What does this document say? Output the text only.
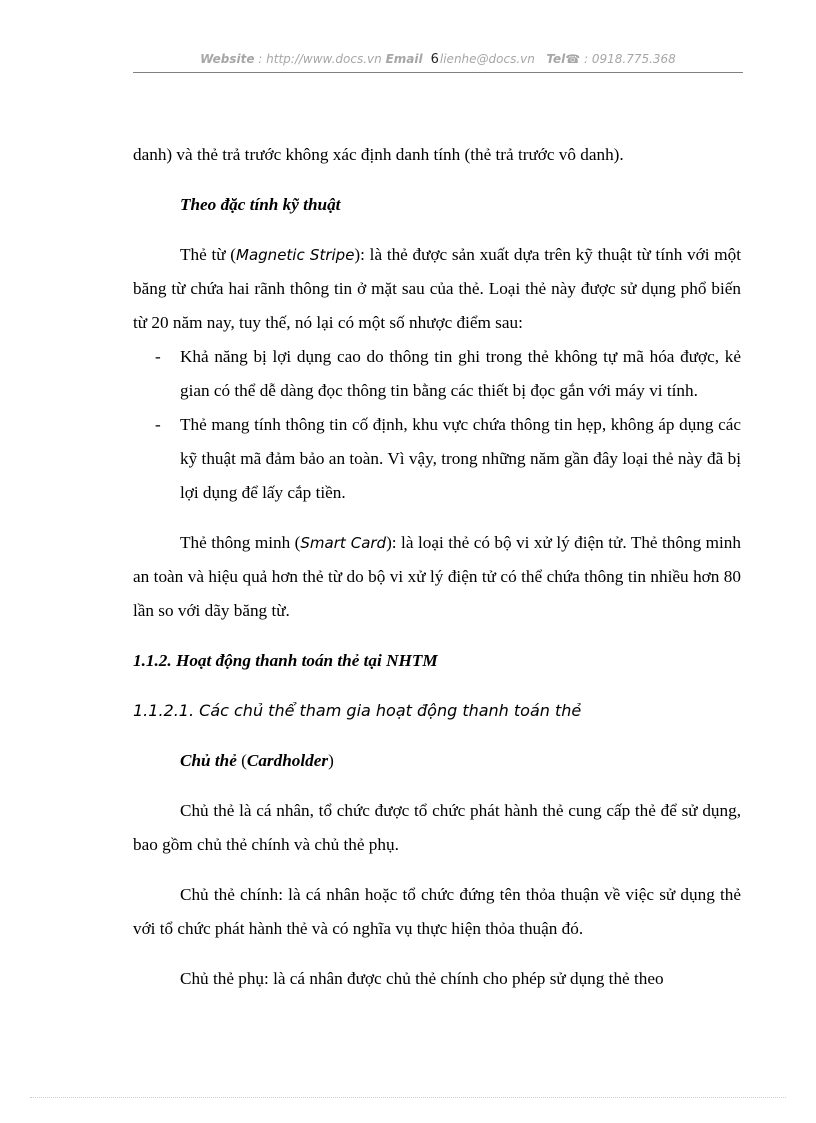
Website : http://www.docs.vn Email 6lienhe@docs.vn Tel☎ : 0918.775.368

danh) và thẻ trả trước không xác định danh tính (thẻ trả trước vô danh).

Theo đặc tính kỹ thuật

Thẻ từ (Magnetic Stripe): là thẻ được sản xuất dựa trên kỹ thuật từ tính với một băng từ chứa hai rãnh thông tin ở mặt sau của thẻ. Loại thẻ này được sử dụng phổ biến từ 20 năm nay, tuy thế, nó lại có một số nhược điểm sau:

- Khả năng bị lợi dụng cao do thông tin ghi trong thẻ không tự mã hóa được, kẻ gian có thể dễ dàng đọc thông tin bằng các thiết bị đọc gắn với máy vi tính.

- Thẻ mang tính thông tin cố định, khu vực chứa thông tin hẹp, không áp dụng các kỹ thuật mã đảm bảo an toàn. Vì vậy, trong những năm gần đây loại thẻ này đã bị lợi dụng để lấy cắp tiền.

Thẻ thông minh (Smart Card): là loại thẻ có bộ vi xử lý điện tử. Thẻ thông minh an toàn và hiệu quả hơn thẻ từ do bộ vi xử lý điện tử có thể chứa thông tin nhiều hơn 80 lần so với dãy băng từ.

1.1.2. Hoạt động thanh toán thẻ tại NHTM

1.1.2.1. Các chủ thể tham gia hoạt động thanh toán thẻ

Chủ thẻ (Cardholder)

Chủ thẻ là cá nhân, tổ chức được tổ chức phát hành thẻ cung cấp thẻ để sử dụng, bao gồm chủ thẻ chính và chủ thẻ phụ.

Chủ thẻ chính: là cá nhân hoặc tổ chức đứng tên thỏa thuận về việc sử dụng thẻ với tổ chức phát hành thẻ và có nghĩa vụ thực hiện thỏa thuận đó.

Chủ thẻ phụ: là cá nhân được chủ thẻ chính cho phép sử dụng thẻ theo
